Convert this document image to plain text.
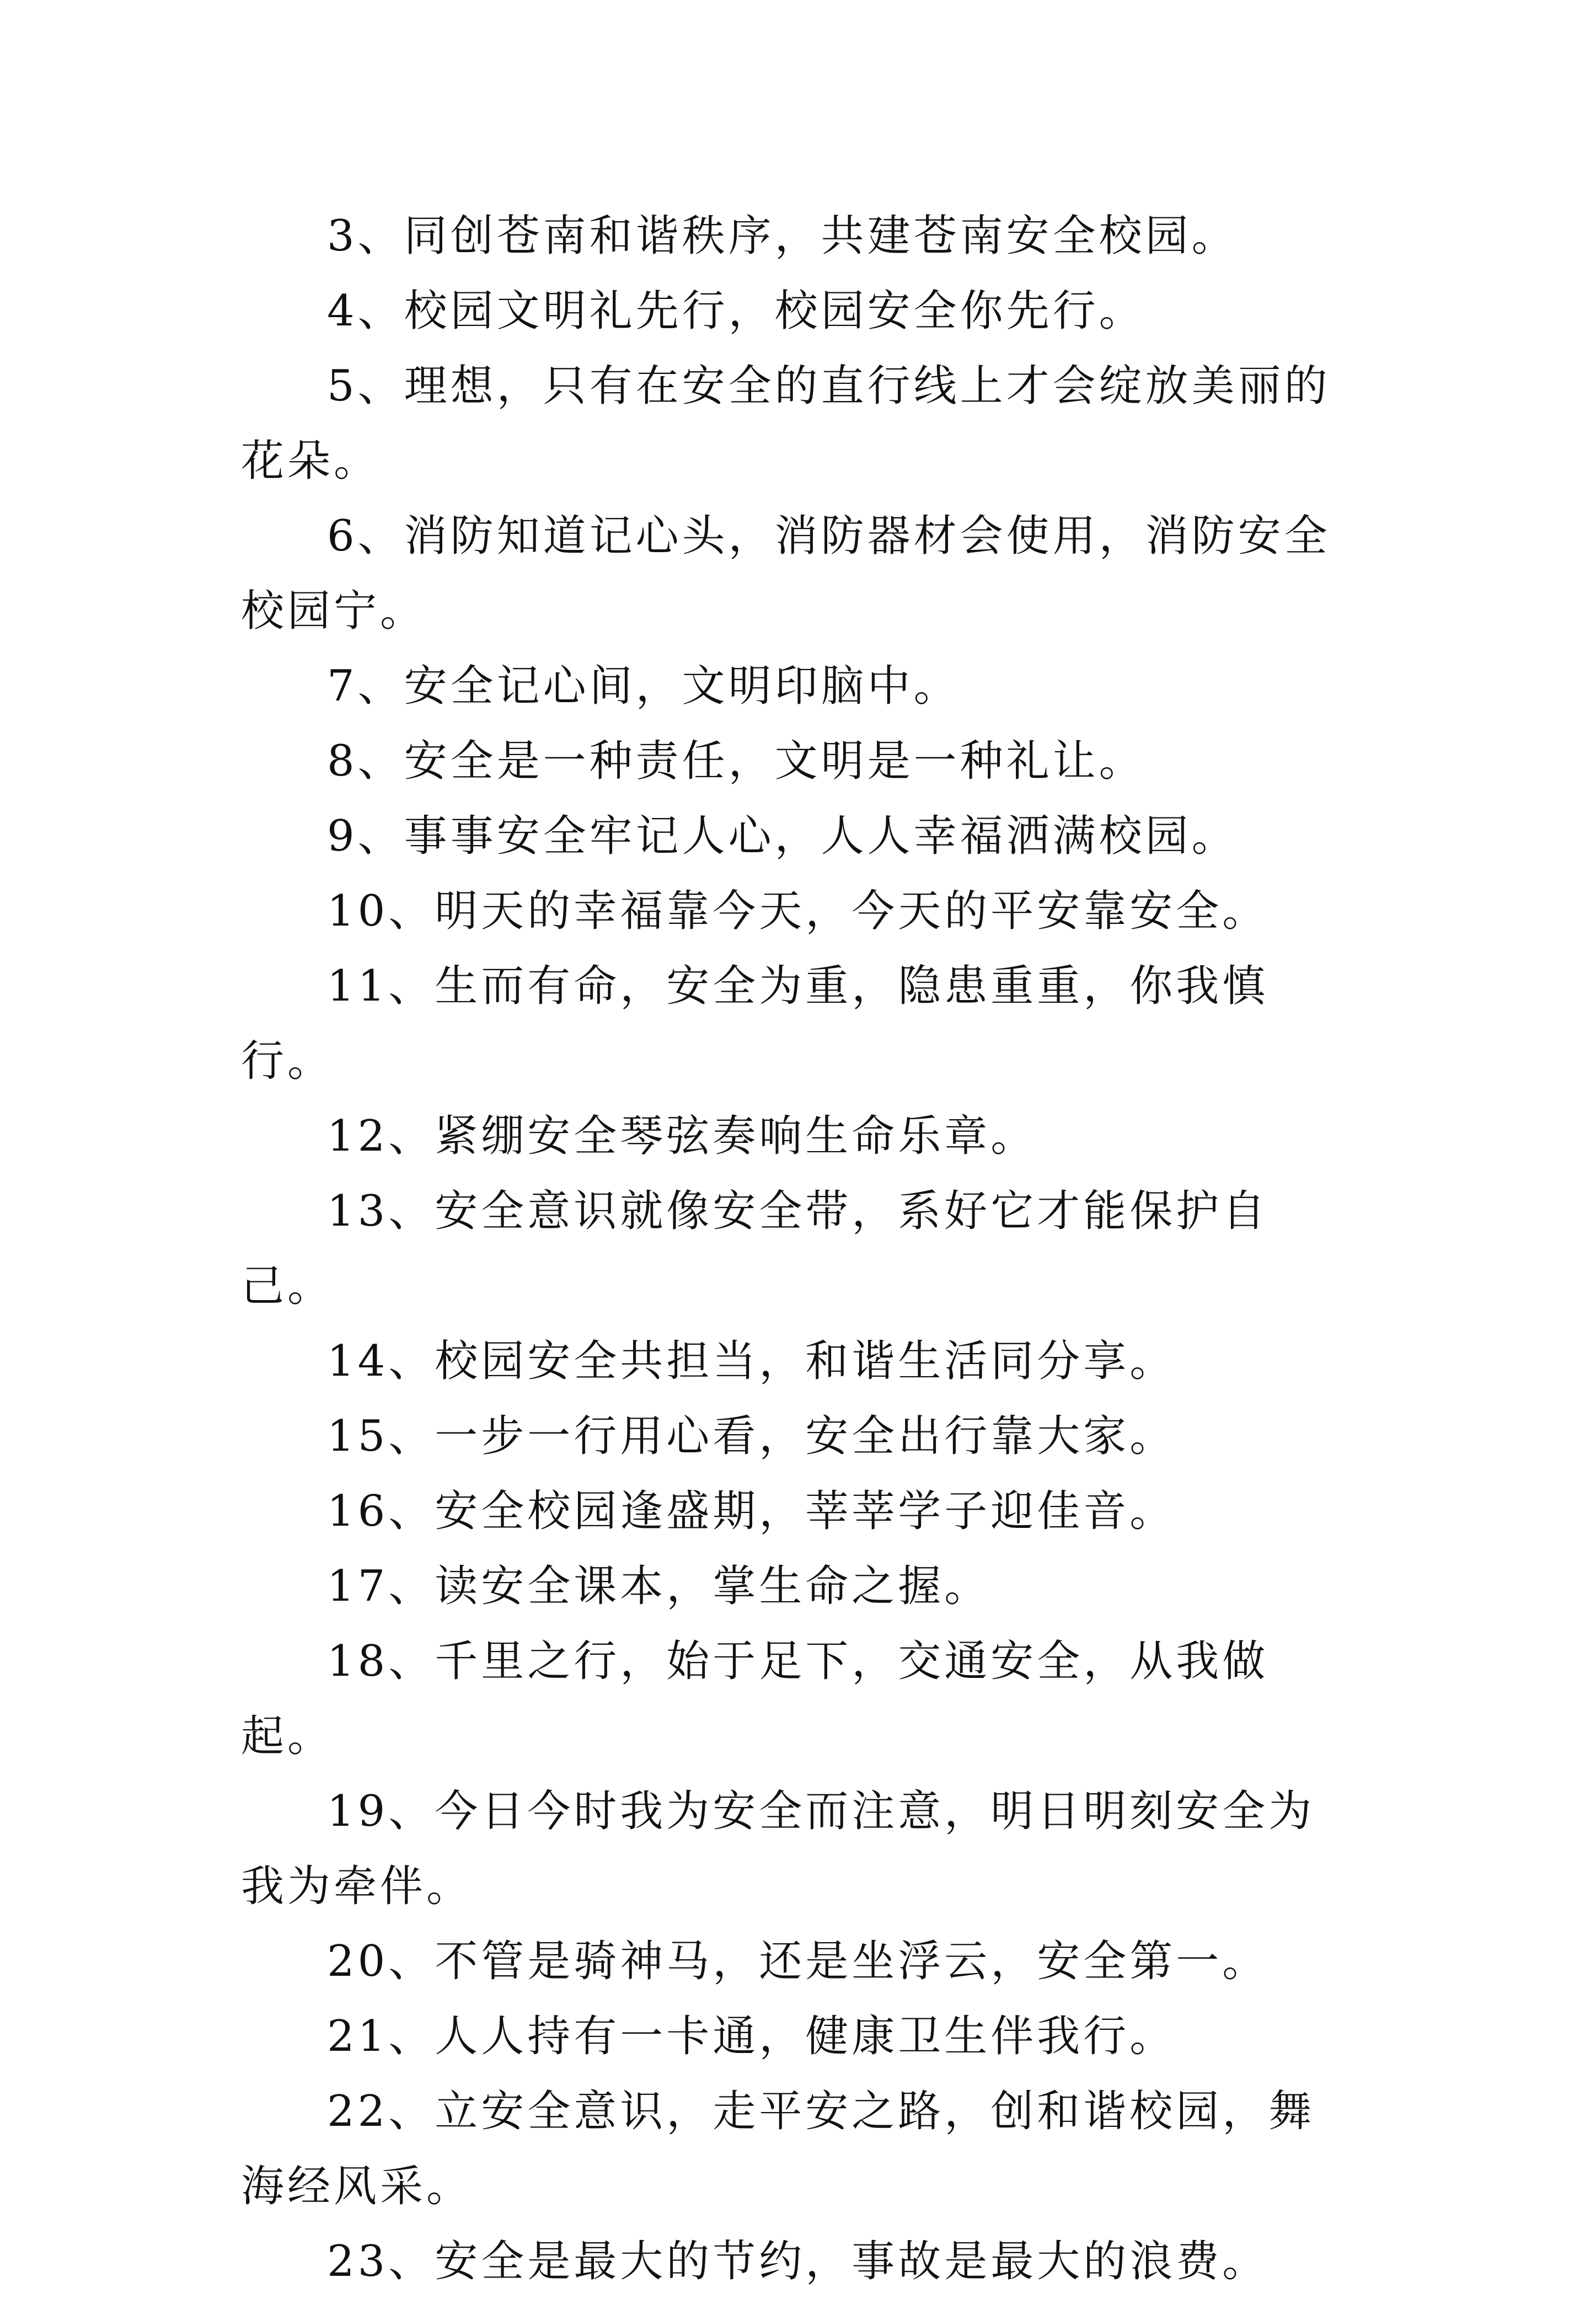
3、同创苍南和谐秩序，共建苍南安全校园。

4、校园文明礼先行，校园安全你先行。

5、理想，只有在安全的直行线上才会绽放美丽的花朵。

6、消防知道记心头，消防器材会使用，消防安全校园宁。

7、安全记心间，文明印脑中。

8、安全是一种责任，文明是一种礼让。

9、事事安全牢记人心，人人幸福洒满校园。

10、明天的幸福靠今天，今天的平安靠安全。

11、生而有命，安全为重，隐患重重，你我慎行。

12、紧绷安全琴弦奏响生命乐章。

13、安全意识就像安全带，系好它才能保护自己。

14、校园安全共担当，和谐生活同分享。

15、一步一行用心看，安全出行靠大家。

16、安全校园逢盛期，莘莘学子迎佳音。

17、读安全课本，掌生命之握。

18、千里之行，始于足下，交通安全，从我做起。

19、今日今时我为安全而注意，明日明刻安全为我为牵伴。

20、不管是骑神马，还是坐浮云，安全第一。

21、人人持有一卡通，健康卫生伴我行。

22、立安全意识，走平安之路，创和谐校园，舞海经风采。

23、安全是最大的节约，事故是最大的浪费。
